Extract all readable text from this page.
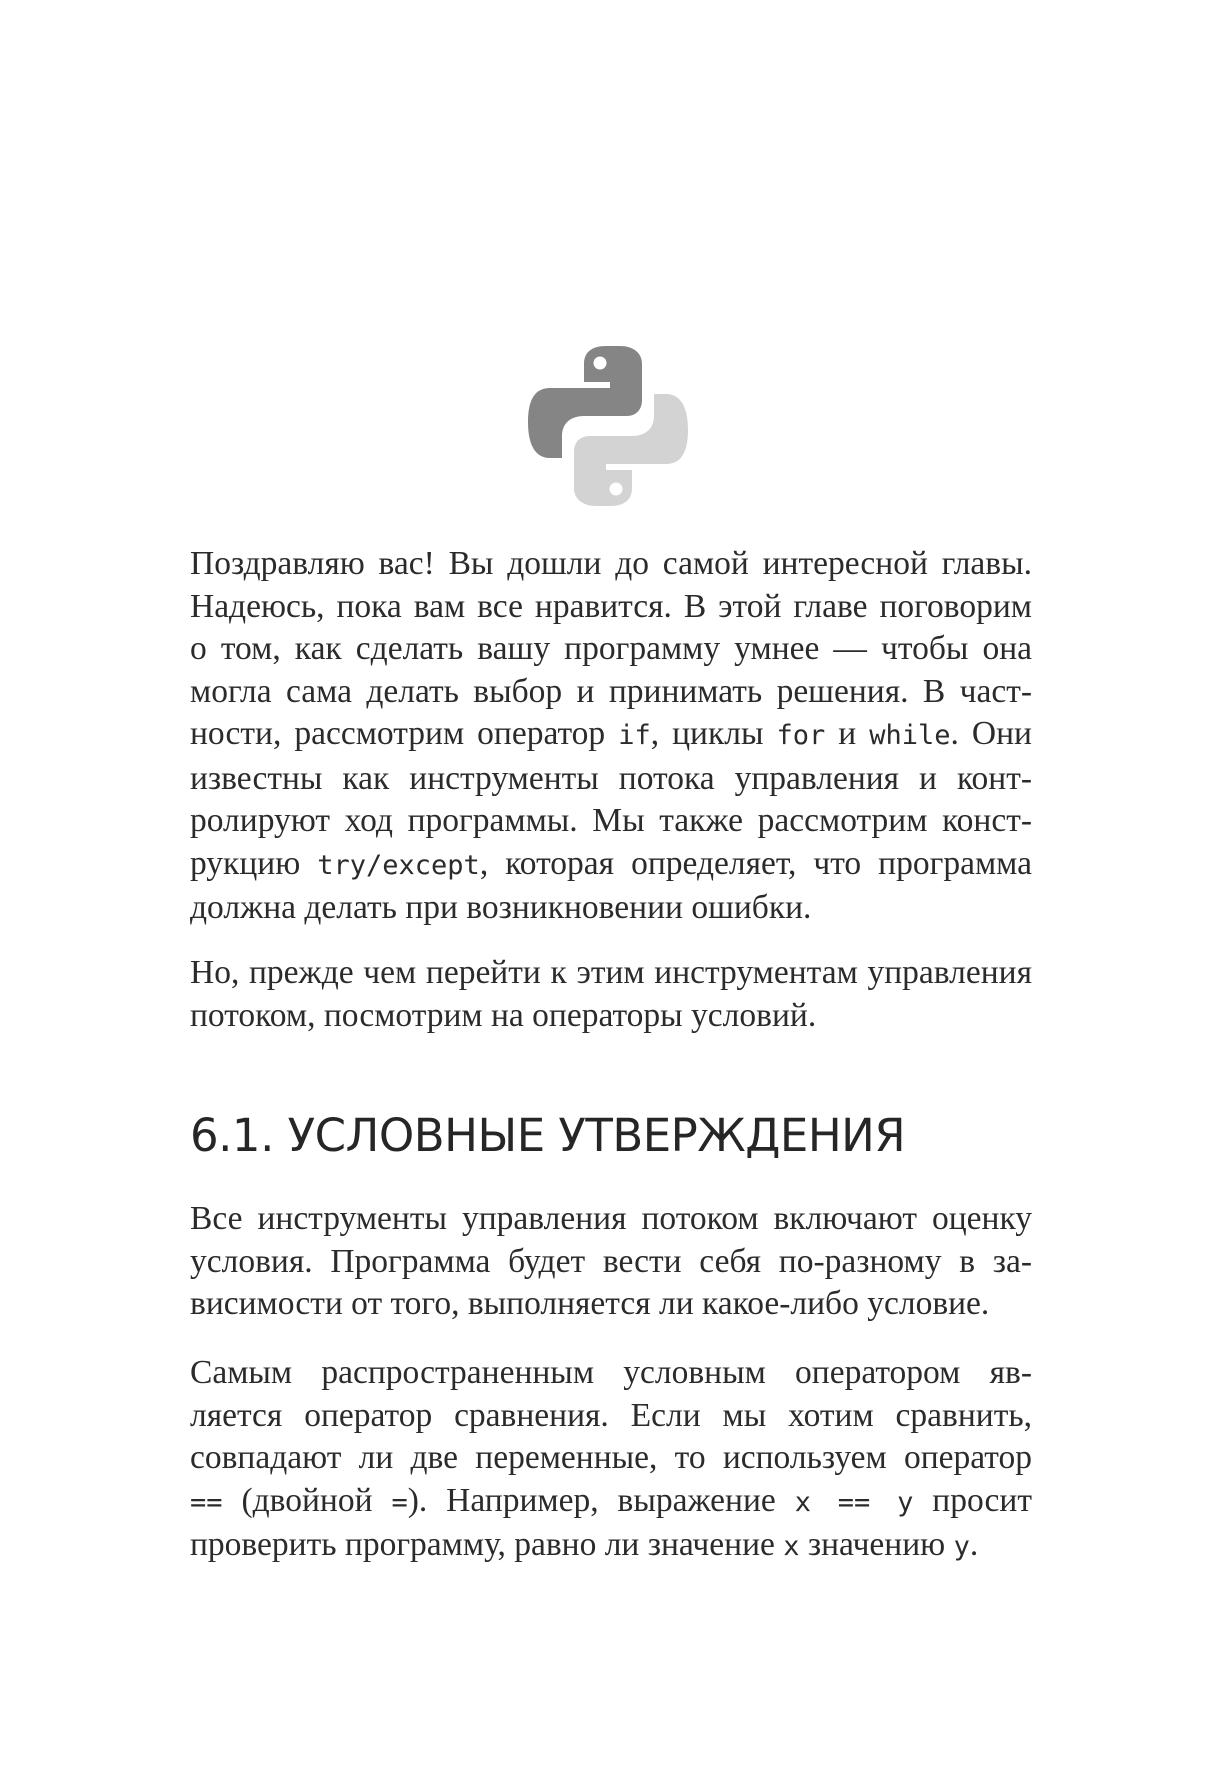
Поздравляю вас! Вы дошли до самой интересной главы.
Надеюсь, пока вам все нравится. В этой главе поговорим
о том, как сделать вашу программу умнее — чтобы она
могла сама делать выбор и принимать решения. В част-
ности, рассмотрим оператор if, циклы for и while. Они
известны как инструменты потока управления и конт-
ролируют ход программы. Мы также рассмотрим конст-
рукцию try/except, которая определяет, что программа
должна делать при возникновении ошибки.

Но, прежде чем перейти к этим инструментам управления
потоком, посмотрим на операторы условий.

6.1. УСЛОВНЫЕ УТВЕРЖДЕНИЯ

Все инструменты управления потоком включают оценку
условия. Программа будет вести себя по-разному в за-
висимости от того, выполняется ли какое-либо условие.

Самым распространенным условным оператором яв-
ляется оператор сравнения. Если мы хотим сравнить,
совпадают ли две переменные, то используем оператор
== (двойной =). Например, выражение x == y просит
проверить программу, равно ли значение x значению y.
